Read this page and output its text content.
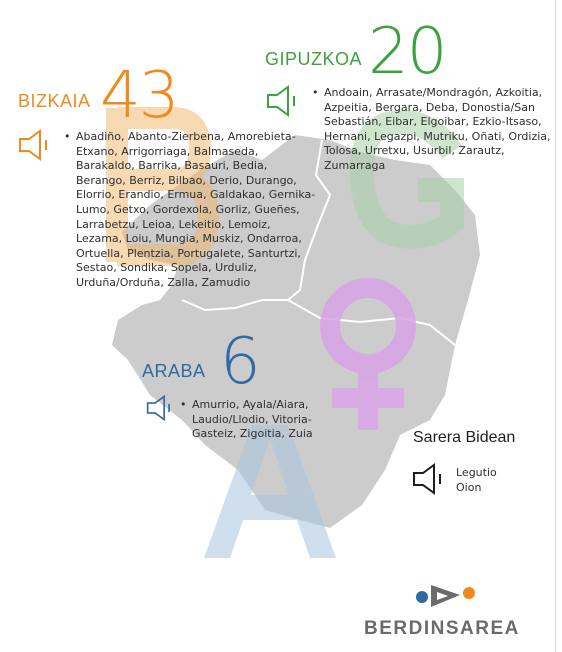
BIZKAIA 43
• Abadiño, Abanto-Zierbena, Amorebieta-Etxano, Arrigorriaga, Balmaseda, Barakaldo, Barrika, Basauri, Bedia, Berango, Berriz, Bilbao, Derio, Durango, Elorrio, Erandio, Ermua, Galdakao, Gernika-Lumo, Getxo, Gordexola, Gorliz, Gueñes, Larrabetzu, Leioa, Lekeitio, Lemoiz, Lezama, Loiu, Mungia, Muskiz, Ondarroa, Ortuella, Plentzia, Portugalete, Santurtzi, Sestao, Sondika, Sopela, Urduliz, Urduña/Orduña, Zalla, Zamudio
GIPUZKOA 20
• Andoain, Arrasate/Mondragón, Azkoitia, Azpeitia, Bergara, Deba, Donostia/San Sebastián, Eibar, Elgoibar, Ezkio-Itsaso, Hernani, Legazpi, Mutriku, Oñati, Ordizia, Tolosa, Urretxu, Usurbil, Zarautz, Zumarraga
ARABA 6
• Amurrio, Ayala/Aiara, Laudio/Llodio, Vitoria-Gasteiz, Zigoitia, Zuia	Sarera Bidean
Legutio
Oion
BERDINSAREA
